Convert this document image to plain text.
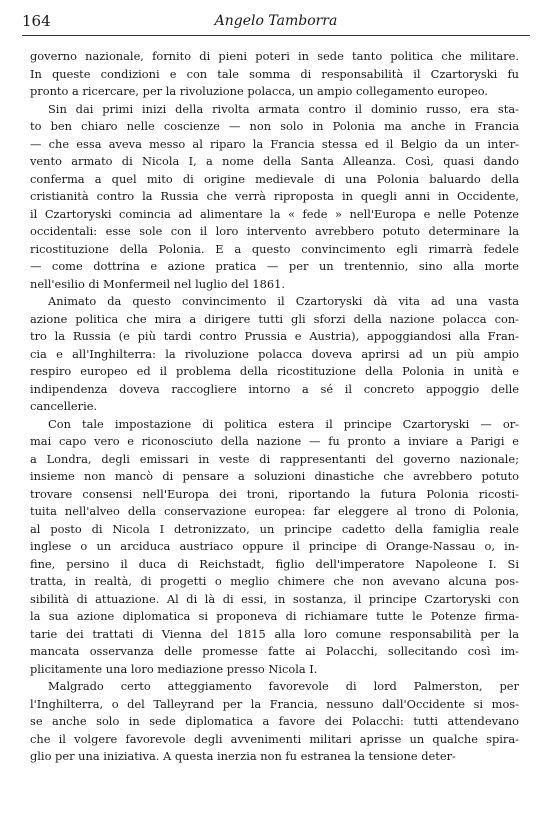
164	Angelo Tamborra

governo nazionale, fornito di pieni poteri in sede tanto politica che militare.
In queste condizioni e con tale somma di responsabilità il Czartoryski fu
pronto a ricercare, per la rivoluzione polacca, un ampio collegamento europeo.

Sin dai primi inizi della rivolta armata contro il dominio russo, era sta-
to ben chiaro nelle coscienze — non solo in Polonia ma anche in Francia
— che essa aveva messo al riparo la Francia stessa ed il Belgio da un inter-
vento armato di Nicola I, a nome della Santa Alleanza. Così, quasi dando
conferma a quel mito di origine medievale di una Polonia baluardo della
cristianità contro la Russia che verrà riproposta in quegli anni in Occidente,
il Czartoryski comincia ad alimentare la « fede » nell'Europa e nelle Potenze
occidentali: esse sole con il loro intervento avrebbero potuto determinare la
ricostituzione della Polonia. E a questo convincimento egli rimarrà fedele
— come dottrina e azione pratica — per un trentennio, sino alla morte
nell'esilio di Monfermeil nel luglio del 1861.

Animato da questo convincimento il Czartoryski dà vita ad una vasta
azione politica che mira a dirigere tutti gli sforzi della nazione polacca con-
tro la Russia (e più tardi contro Prussia e Austria), appoggiandosi alla Fran-
cia e all'Inghilterra: la rivoluzione polacca doveva aprirsi ad un più ampio
respiro europeo ed il problema della ricostituzione della Polonia in unità e
indipendenza doveva raccogliere intorno a sé il concreto appoggio delle
cancellerie.

Con tale impostazione di politica estera il principe Czartoryski — or-
mai capo vero e riconosciuto della nazione — fu pronto a inviare a Parigi e
a Londra, degli emissari in veste di rappresentanti del governo nazionale;
insieme non mancò di pensare a soluzioni dinastiche che avrebbero potuto
trovare consensi nell'Europa dei troni, riportando la futura Polonia ricosti-
tuita nell'alveo della conservazione europea: far eleggere al trono di Polonia,
al posto di Nicola I detronizzato, un principe cadetto della famiglia reale
inglese o un arciduca austriaco oppure il principe di Orange-Nassau o, in-
fine, persino il duca di Reichstadt, figlio dell'imperatore Napoleone I. Si
tratta, in realtà, di progetti o meglio chimere che non avevano alcuna pos-
sibilità di attuazione. Al di là di essi, in sostanza, il principe Czartoryski con
la sua azione diplomatica si proponeva di richiamare tutte le Potenze firma-
tarie dei trattati di Vienna del 1815 alla loro comune responsabilità per la
mancata osservanza delle promesse fatte ai Polacchi, sollecitando così im-
plicitamente una loro mediazione presso Nicola I.

Malgrado certo atteggiamento favorevole di lord Palmerston, per
l'Inghilterra, o del Talleyrand per la Francia, nessuno dall'Occidente si mos-
se anche solo in sede diplomatica a favore dei Polacchi: tutti attendevano
che il volgere favorevole degli avvenimenti militari aprisse un qualche spira-
glio per una iniziativa. A questa inerzia non fu estranea la tensione deter-
